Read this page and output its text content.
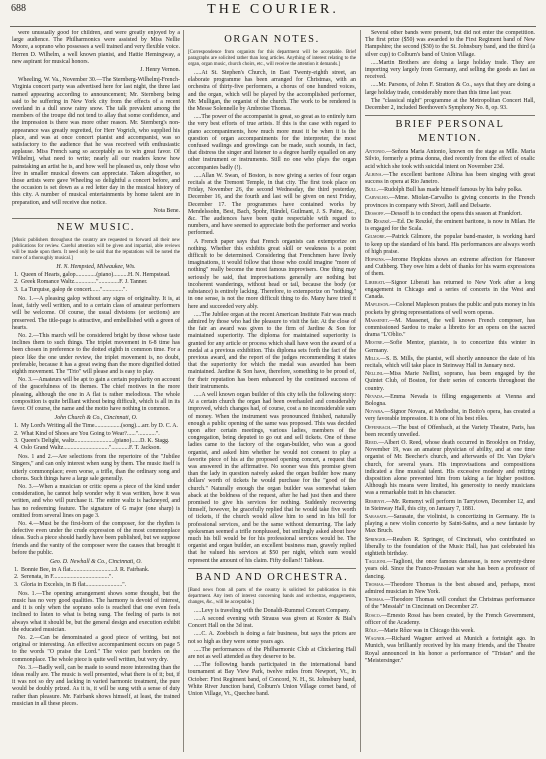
688	THE COURIER.

were unusually good for children, and were greatly enjoyed by a large audience. The Philharmonics were assisted by Miss Nellie Moore, a soprano who possesses a well trained and very flexible voice. Herren D. Wilhelm, a well known pianist, and Hattie Hemingway, a new aspirant for musical honors.

J. Henry Vernon.

Wheeling, W. Va., November 30.—The Sternberg-Wilhelmj-French-Virginia concert party was advertised here for last night, the three last named appearing according to announcement; Mr. Sternberg being said to be suffering in New York city from the effects of a recent overland in a dull snow rainy snow. The talk prevalent among the members of the troupe did not tend to allay that some confidence, and the impression is there was more other reason. Mr. Sternberg's non-appearance was greatly regretted, for Herr Vogrich, who supplied his place, and was at once concert pianist and accompanist, was so satisfactory to the audience that he was received with enthusiastic applause. Miss French sang so acceptably as to win great favor. Of Wilhelmj, what need to write; nearly all our readers know how painstaking an artist he is, and how well he pleased us, only those who live in smaller musical dowers can appreciate. Taken altogether, so those artists were gave Wheeling so delightful a concert before, and the occasion is set down as a red letter day in the musical history of this city. A number of musical entertainments by home talent are in preparation, and will receive due notice.

Nota Bene.

NEW MUSIC.

[Music publishers throughout the country are requested to forward all their new publications for review. Careful attention will be given and impartial, able reviews will be made upon them. It need only be said that the reputations will be noted the more of a thoroughly musical.]

H. N. Hempsted, Milwaukee, Wis.

1. Queen of Hearts, galop..............(piano)..........H. N. Hempstead.
2. Greek Romance Waltz..............."..............F. J. Tanner.
3. La Turquise, galop de concert......"..............".

No. 1.—A pleasing galop without any signs of originality. It is, at least, fairly well written, and to a certain class of amateur performers will be welcome. Of course, the usual divisions (or sections) are preserved. The title-page is attractive, and embellished with a green of hearts.

No. 2.—This march will be considered bright by those whose taste inclines them to such things. The triplet movement in 6-8 time has been chosen in preference to the dotted eighth in common time. For a piece like the one under review, the triplet movement is, no doubt, preferable, because it has a great swing than the more dignified dotted eighth movement. The "Trio" will please and is easy to play.

No. 3.—Amateurs will be apt to gain a certain popularity on account of the gracefulness of its themes. The chief motives in the more pleasing, although the one in A flat is rather melodious. The whole composition is quite brilliant without being difficult, which is all in its favor. Of course, the name and the motto have nothing in common.

John Church & Co., Cincinnati, O.

1. My Lord's Writing all the Time..................(song)....arr. by D. C. A.
2. What Kind of Shoes are You Going to Wear?......"............".
3. Queen's Delight, waltz...........................(piano)......D. K. Stagg.
4. Oslo Grand Waltz..............................."............F. T. Jackson.

Nos. 1 and 2.—Are selections from the repertoire of the "Jubilee Singers," and can only interest when sung by them. The music itself is utterly commonplace; even worse, a trifle, than the ordinary song and chorus. Such things have a large sale generally.

No. 3.—When a musician or critic opens a piece of the kind under consideration, he cannot help wonder why it was written, how it was written, and who will purchase it. The entire waltz is hackneyed, and has no redeeming feature. The signature of G major (one sharp) is omitted from several lines on page 3.

No. 4.—Must be the first-born of the composer, for the rhythm is defective even under the crude expression of the most commonplace ideas. Such a piece should hardly have been published, but we suppose friends and the vanity of the composer were the causes that brought it before the public.

Geo. D. Newhall & Co., Cincinnati, O.

1. Bonnie Bee, in A flat..............................J. R. Fairbank.
2. Serenata, in F......................................".
3. Gloria in Excelsis, in B flat.........................".

Nos. 1.—The opening arrangement shows some thought, but the music has no very good qualities. The harmony is devoid of interest, and it is only when the soprano solo is reached that one even feels inclined to listen to what is being sung. The feeling of parts is not always what it should be, but the general design and execution exhibit the educated musician.

No. 2.—Can be denominated a good piece of writing, but not original or interesting. An effective accompaniment occurs on page 5 to the words "O praise the Lord." The voice part borders on the commonplace. The whole piece is quite well written, but very dry.

No. 3.—Badly well, can be made to sound more interesting than the ideas really are. The music is well presented, what there is of it; but, if it was not so dry and lacking in varied harmonic treatment, the pure would be doubly prized. As it is, it will be sung with a sense of duty rather than pleasure. Mr. Fairbank shows himself, at least, the trained musician in all these pieces.

ORGAN NOTES.

[Correspondence from organists for this department will be acceptable. Brief paragraphs are solicited rather than long articles. Anything of interest relating to the organ, organ music, church choirs, etc., will receive the attention it demands.]

.....At St. Stephen's Church, in East Twenty-eighth street, an elaborate programme has been arranged for Christmas, with an orchestra of thirty-five performers, a chorus of one hundred voices, and the organ, which will be played by the accomplished performer, Mr. Mulligan, the organist of the church. The work to be rendered is the Messe Solennelle by Ambroise Thomas.

.....The power of the accompanist is great, so great as to entirely turn the very best efforts of true artists. If this is the case with regard to piano accompaniments, how much more must it be when it is the question of organ accompaniments for the interpreter, the most confused wailings and growlings can be made, such sounds, in fact, that distress the singer and listener to a degree hardly equalled on any other instrument or instruments. Still no one who plays the organ accompanies badly (!).

.....Allan W. Swan, of Boston, is now giving a series of four organ recitals at the Tremont Temple, in that city. The first took place on Friday, November 26, the second Wednesday, the third yesterday, December 16, and the fourth and last will be given on next Friday, December 17. The programmes have contained works by Mendelssohn, Best, Bach, Spohr, Händel, Guilmant, J. S. Paine, &c., &c. The audiences have been quite respectable with regard to numbers, and have seemed to appreciate both the performer and works performed.

A French paper says that French organists can extemporize on nothing. Whether this exhibits great skill or weakness is a point difficult to be determined. Considering that Frenchmen have lively imaginations, it would follow that those who could imagine "more of nothing" really become the most famous improvisers. One thing may seriously be said, that improvisations generally are nothing but incoherent wanderings, without head or tail, because the body (or substance) is entirely lacking. Therefore, to extemporize on "nothing," in one sense, is not the more difficult thing to do. Many have tried it here and succeeded very ably.

.....The Jubilee organ at the recent American Institute Fair was much admired by those who had the pleasure to visit the fair. At the close of the fair an award was given to the firm of Jardine & Son for maintained superiority. The diploma for maintained superiority is granted for any article or process which shall have won the award of a medal at a previous exhibition. This diploma sets forth the fact of the previous award, and the report of the judges recommending it states that the superiority for which the medal was awarded has been maintained. Jardine & Son have, therefore, something to be proud of, for their reputation has been enhanced by the continued success of their instruments.

.....A well known organ builder of this city tells the following story: At a certain church the organ had been overhauled and considerably improved, which changes had, of course, cost a no inconsiderable sum of money. When the instrument was pronounced finished, naturally enough a public opening of the same was proposed. This was decided upon after certain meetings, various ladies, members of the congregation, being deputed to go out and sell tickets. One of these ladies came to the factory of the organ-builder, who was a good organist, and asked him whether he would not consent to play a favorite piece of his at the proposed opening concert, a request that was answered in the affirmative. No sooner was this promise given than the lady in question naively asked the organ builder how many dollars' worth of tickets he would purchase for the "good of the church." Naturally enough the organ builder was somewhat taken aback at the boldness of the request, after he had just then and there promised to give his services for nothing. Suddenly recovering himself, however, he gracefully replied that he would take five worth of tickets, if the church would allow him to send in his bill for professional services, and be the same without demurring. The lady spokesman seemed a trifle nonplussed, but smilingly asked about how much his bill would be for his professional services would be. The organist and organ builder, an excellent business man, gravely replied that he valued his services at $50 per night, which sum would represent the amount of his claim. Fifty dollars!! Tableau.

BAND AND ORCHESTRA.

[Band news from all parts of the country is solicited for publication in this department. Any item of interest concerning bands and orchestras, engagements, changes, &c., will be acceptable.]

.....Levy is traveling with the Donaldi-Rummel Concert Company.

.....A second evening with Strauss was given at Koster & Bial's Concert Hall on the 3d inst.

.....C. A. Zoebisch is doing a fair business, but says the prices are not so high as they were some years ago.

.....The performances of the Philharmonic Club at Chickering Hall are not as well attended as they deserve to be.

.....The following bands participated in the international band tournament at Bay View Park, twelve miles from Newport, Vt., in October: First Regiment band, of Concord, N. H., St. Johnsbury band, White River Junction band, Colburn's Union Village cornet band, of Union Village, Vt., Quechee band.

Several other bands were present, but did not enter the competition. The first prize ($50) was awarded to the First Regiment band of New Hampshire; the second ($30) to the St. Johnsbury band, and the third (a silver cup) to Colburn's band of Union Village.

.....Martin Brothers are doing a large holiday trade. They are importing very largely from Germany, and selling the goods as fast as received.

.....Mr. Parsons, of John F. Stratton & Co., says that they are doing a large holiday trade, considerably more than this time last year.

The "classical night" programme at the Metropolitan Concert Hall, December 2, included Beethoven's Symphony No. 8, op. 93.

BRIEF PERSONAL MENTION.

Antonio.—Señora Maria Antonio, known on the stage as Mlle. Maria Silvio, formerly a prima donna, died recently from the effect of oxalic acid which she took with suicidal intent on November 23d.

Albina.—The excellent baritone Albina has been singing with great success in opera at Rio Janeiro.

Bull.—Rudolph Bull has made himself famous by his baby polka.

Carvalho.—Mme. Miolan-Carvalho is giving concerts in the French provinces in company with Sivori, Jaëll and Delsarte.

Dessoff.—Dessoff is to conduct the opera this season at Frankfort.

De Reszké.—Ed. De Reszké, the eminent baritone, is now in Milan. He is engaged for the Scala.

Gilmore.—Patrick Gilmore, the popular band-master, is working hard to keep up the standard of his band. His performances are always worth of high praise.

Hopkins.—Jerome Hopkins shows an extreme affection for Hanover and Cuthberg. They owe him a debt of thanks for his warm expressions of them.

Liberati.—Signor Liberati has returned to New York after a long engagement in Chicago and a series of concerts in the West and Canada.

Mapleson.—Colonel Mapleson praises the public and puts money in his pockets by giving representations of well worn operas.

Massenet.—M. Massenet, the well known French composer, has commissioned Sardou to make a libretto for an opera on the sacred drama "L'Oblio."

Mestre.—Sofie Mentor, pianiste, is to concertize this winter in Germany.

Mills.—S. B. Mills, the pianist, will shortly announce the date of his recitals, which will take place in Steinway Hall in January next.

Nellini.—Miss Marie Nellini, soprano, has been engaged by the Quintet Club, of Boston, for their series of concerts throughout the country.

Nevada.—Emma Nevada is filling engagements at Vienna and Bologna.

Novara.—Signor Novara, at Methodist, in Boito's opera, has created a very favorable impression. It is one of his best rôles.

Offenbach.—The bust of Offenbach, at the Variety Theatre, Paris, has been recently unveiled.

Reed.—Albert O. Reed, whose death occurred in Brooklyn on Friday, November 19, was an amateur physician of ability, and at one time organist of Mr. Beecher's church, and afterwards of Dr. Van Dyke's church, for several years. His improvisations and compositions indicated a fine musical talent. His excessive modesty and retiring disposition alone prevented him from taking a far higher position. Although his means were limited, his generosity to needy musicians was a remarkable trait in his character.

Remenyi.—Mr. Remenyi will perform in Tarrytown, December 12, and in Steinway Hall, this city, on January 7, 1881.

Sarasate.—Sarasate, the violinist, is concertizing in Germany. He is playing a new violin concerto by Saint-Saëns, and a new fantasie by Max Bruch.

Springer.—Reuben R. Springer, of Cincinnati, who contributed so liberally to the foundation of the Music Hall, has just celebrated his eightieth birthday.

Taglioni.—Taglioni, the once famous danseuse, is now seventy-three years old. Since the Franco-Prussian war she has been a professor of dancing.

Thomas.—Theodore Thomas is the best abused and, perhaps, most admired musician in New York.

Thomas.—Theodore Thomas will conduct the Christmas performance of the "Messiah" in Cincinnati on December 27.

Rosco.—Ernesto Rossi has been created, by the French Government, officer of the Academy.

Rôle.—Marie Rôze was in Chicago this week.

Wagner.—Richard Wagner arrived at Munich a fortnight ago. In Munich, was brilliantly received by his many friends, and the Theatre Royal announced in his honor a performance of "Tristan" and the "Meistersinger."
